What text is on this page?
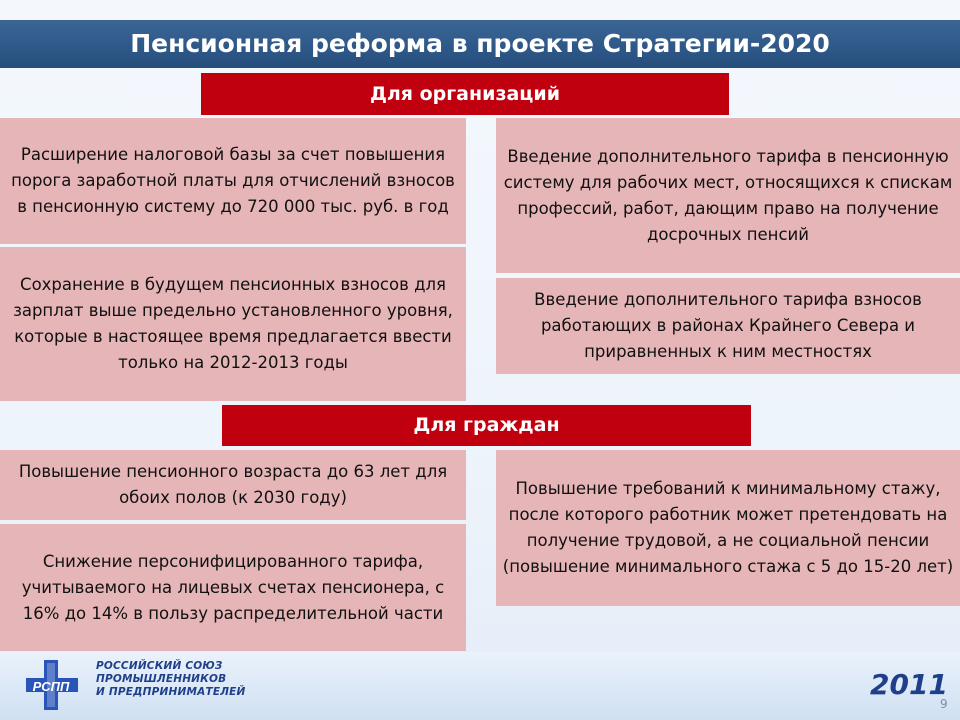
Пенсионная реформа в проекте Стратегии-2020
Для организаций
Расширение налоговой базы за счет повышения порога заработной платы для отчислений взносов в пенсионную систему до 720 000 тыс. руб. в год
Сохранение в будущем пенсионных взносов для зарплат выше предельно установленного уровня, которые в настоящее время предлагается ввести только на 2012-2013 годы
Введение дополнительного тарифа в пенсионную систему для рабочих мест, относящихся к спискам профессий, работ, дающим право на получение досрочных пенсий
Введение дополнительного тарифа взносов работающих в районах Крайнего Севера и приравненных к ним местностях
Для граждан
Повышение пенсионного возраста до 63 лет для обоих полов (к 2030 году)
Снижение персонифицированного тарифа, учитываемого на лицевых счетах пенсионера, с 16% до 14% в пользу распределительной части
Повышение требований к минимальному стажу, после которого работник может претендовать на получение трудовой, а не социальной пенсии (повышение минимального стажа с 5 до 15-20 лет)
РСПП
РОССИЙСКИЙ СОЮЗ
ПРОМЫШЛЕННИКОВ
И ПРЕДПРИНИМАТЕЛЕЙ	2011
9
